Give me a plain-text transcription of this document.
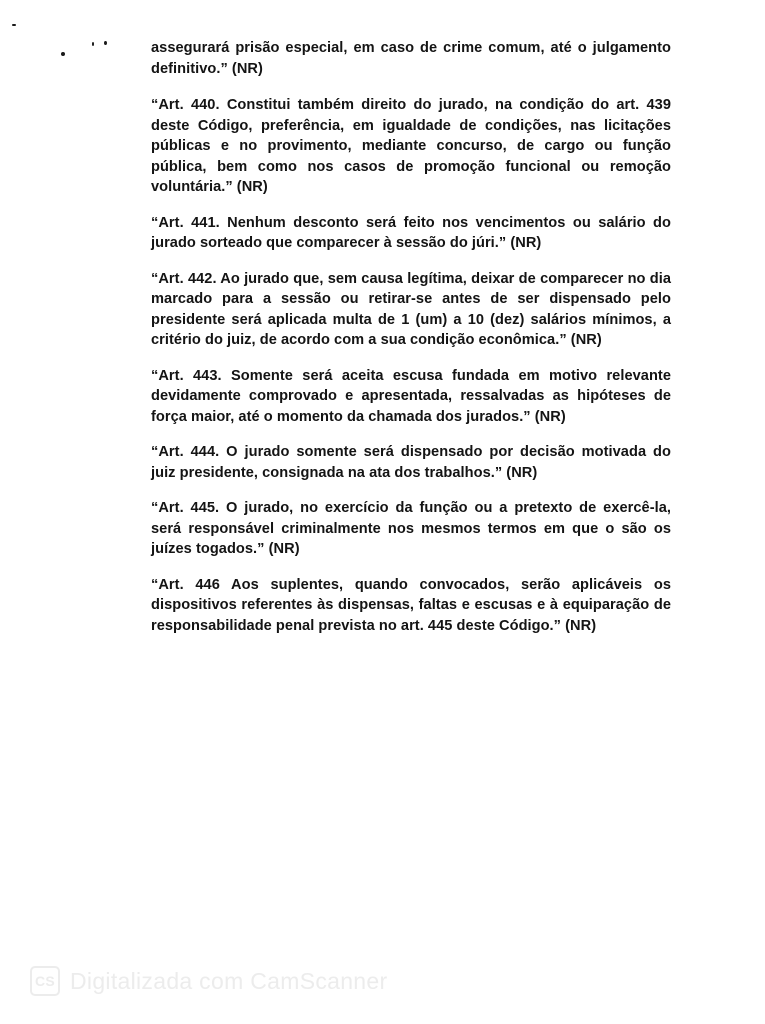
assegurará prisão especial, em caso de crime comum, até o julgamento definitivo.” (NR)

“Art. 440. Constitui também direito do jurado, na condição do art. 439 deste Código, preferência, em igualdade de condições, nas licitações públicas e no provimento, mediante concurso, de cargo ou função pública, bem como nos casos de promoção funcional ou remoção voluntária.” (NR)

“Art. 441. Nenhum desconto será feito nos vencimentos ou salário do jurado sorteado que comparecer à sessão do júri.” (NR)

“Art. 442. Ao jurado que, sem causa legítima, deixar de comparecer no dia marcado para a sessão ou retirar-se antes de ser dispensado pelo presidente será aplicada multa de 1 (um) a 10 (dez) salários mínimos, a critério do juiz, de acordo com a sua condição econômica.” (NR)

“Art. 443. Somente será aceita escusa fundada em motivo relevante devidamente comprovado e apresentada, ressalvadas as hipóteses de força maior, até o momento da chamada dos jurados.” (NR)

“Art. 444. O jurado somente será dispensado por decisão motivada do juiz presidente, consignada na ata dos trabalhos.” (NR)

“Art. 445. O jurado, no exercício da função ou a pretexto de exercê-la, será responsável criminalmente nos mesmos termos em que o são os juízes togados.” (NR)

“Art. 446 Aos suplentes, quando convocados, serão aplicáveis os dispositivos referentes às dispensas, faltas e escusas e à equiparação de responsabilidade penal prevista no art. 445 deste Código.” (NR)

CS Digitalizada com CamScanner
